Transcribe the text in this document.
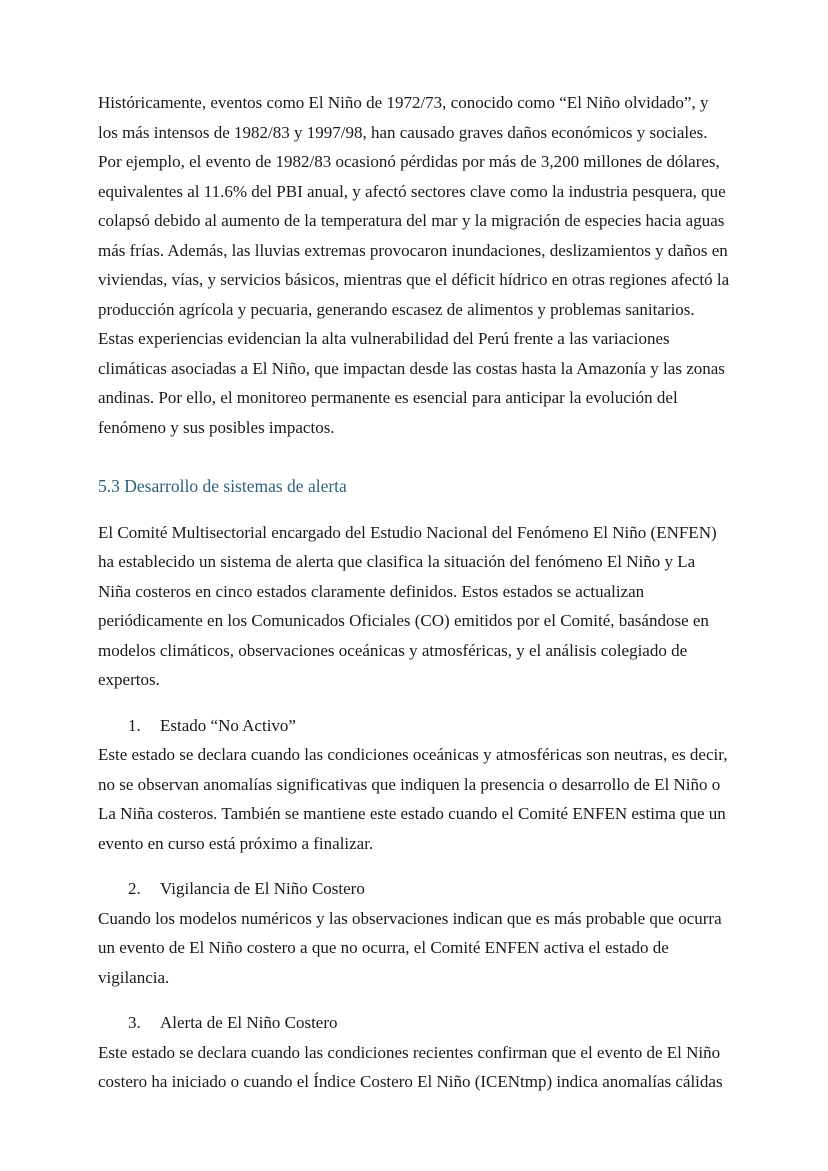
Históricamente, eventos como El Niño de 1972/73, conocido como “El Niño olvidado”, y los más intensos de 1982/83 y 1997/98, han causado graves daños económicos y sociales. Por ejemplo, el evento de 1982/83 ocasionó pérdidas por más de 3,200 millones de dólares, equivalentes al 11.6% del PBI anual, y afectó sectores clave como la industria pesquera, que colapsó debido al aumento de la temperatura del mar y la migración de especies hacia aguas más frías. Además, las lluvias extremas provocaron inundaciones, deslizamientos y daños en viviendas, vías, y servicios básicos, mientras que el déficit hídrico en otras regiones afectó la producción agrícola y pecuaria, generando escasez de alimentos y problemas sanitarios. Estas experiencias evidencian la alta vulnerabilidad del Perú frente a las variaciones climáticas asociadas a El Niño, que impactan desde las costas hasta la Amazonía y las zonas andinas. Por ello, el monitoreo permanente es esencial para anticipar la evolución del fenómeno y sus posibles impactos.

5.3 Desarrollo de sistemas de alerta

El Comité Multisectorial encargado del Estudio Nacional del Fenómeno El Niño (ENFEN) ha establecido un sistema de alerta que clasifica la situación del fenómeno El Niño y La Niña costeros en cinco estados claramente definidos. Estos estados se actualizan periódicamente en los Comunicados Oficiales (CO) emitidos por el Comité, basándose en modelos climáticos, observaciones oceánicas y atmosféricas, y el análisis colegiado de expertos.

1. Estado “No Activo”

Este estado se declara cuando las condiciones oceánicas y atmosféricas son neutras, es decir, no se observan anomalías significativas que indiquen la presencia o desarrollo de El Niño o La Niña costeros. También se mantiene este estado cuando el Comité ENFEN estima que un evento en curso está próximo a finalizar.

2. Vigilancia de El Niño Costero

Cuando los modelos numéricos y las observaciones indican que es más probable que ocurra un evento de El Niño costero a que no ocurra, el Comité ENFEN activa el estado de vigilancia.

3. Alerta de El Niño Costero

Este estado se declara cuando las condiciones recientes confirman que el evento de El Niño costero ha iniciado o cuando el Índice Costero El Niño (ICENtmp) indica anomalías cálidas
